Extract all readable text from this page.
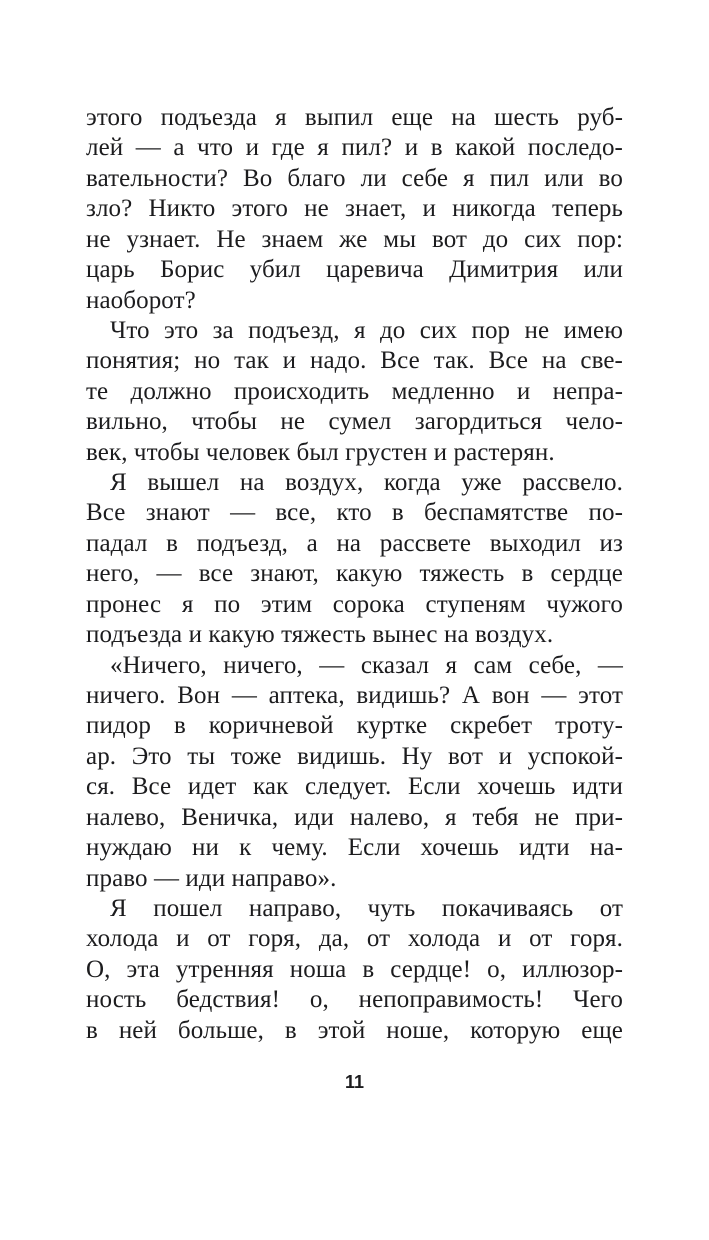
этого подъезда я выпил еще на шесть руб-
лей — а что и где я пил? и в какой последо-
вательности? Во благо ли себе я пил или во
зло? Никто этого не знает, и никогда теперь
не узнает. Не знаем же мы вот до сих пор:
царь Борис убил царевича Димитрия или
наоборот?
Что это за подъезд, я до сих пор не имею
понятия; но так и надо. Все так. Все на све-
те должно происходить медленно и непра-
вильно, чтобы не сумел загордиться чело-
век, чтобы человек был грустен и растерян.
Я вышел на воздух, когда уже рассвело.
Все знают — все, кто в беспамятстве по-
падал в подъезд, а на рассвете выходил из
него, — все знают, какую тяжесть в сердце
пронес я по этим сорока ступеням чужого
подъезда и какую тяжесть вынес на воздух.
«Ничего, ничего, — сказал я сам себе, —
ничего. Вон — аптека, видишь? А вон — этот
пидор в коричневой куртке скребет троту-
ар. Это ты тоже видишь. Ну вот и успокой-
ся. Все идет как следует. Если хочешь идти
налево, Веничка, иди налево, я тебя не при-
нуждаю ни к чему. Если хочешь идти на-
право — иди направо».
Я пошел направо, чуть покачиваясь от
холода и от горя, да, от холода и от горя.
О, эта утренняя ноша в сердце! о, иллюзор-
ность бедствия! о, непоправимость! Чего
в ней больше, в этой ноше, которую еще
11
